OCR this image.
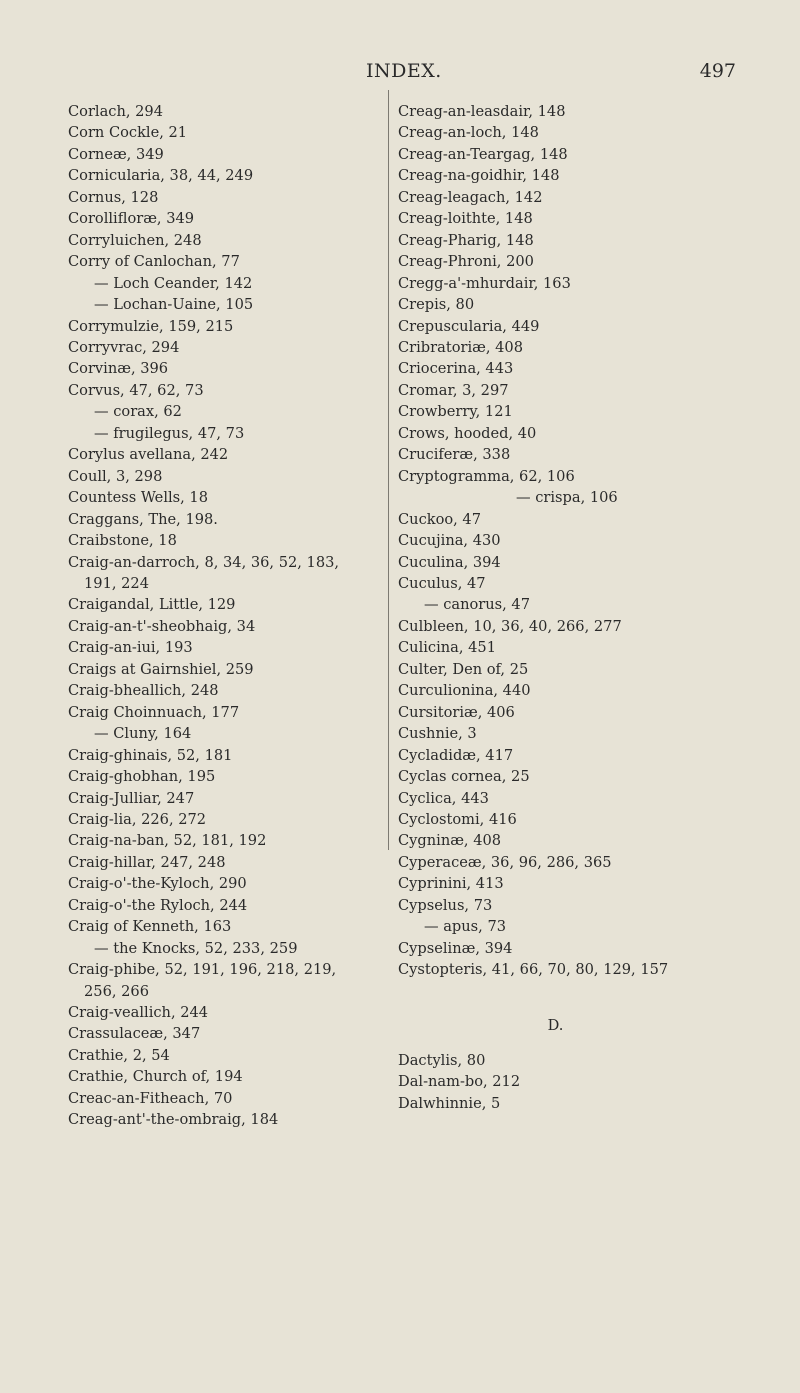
INDEX.	497
Corlach, 294
Corn Cockle, 21
Corneæ, 349
Cornicularia, 38, 44, 249
Cornus, 128
Corolliﬂoræ, 349
Corryluichen, 248
Corry of Canlochan, 77
— Loch Ceander, 142
— Lochan-Uaine, 105
Corrymulzie, 159, 215
Corryvrac, 294
Corvinæ, 396
Corvus, 47, 62, 73
— corax, 62
— frugilegus, 47, 73
Corylus avellana, 242
Coull, 3, 298
Countess Wells, 18
Craggans, The, 198.
Craibstone, 18
Craig-an-darroch, 8, 34, 36, 52, 183,
191, 224
Craigandal, Little, 129
Craig-an-t'-sheobhaig, 34
Craig-an-iui, 193
Craigs at Gairnshiel, 259
Craig-bheallich, 248
Craig Choinnuach, 177
— Cluny, 164
Craig-ghinais, 52, 181
Craig-ghobhan, 195
Craig-Julliar, 247
Craig-lia, 226, 272
Craig-na-ban, 52, 181, 192
Craig-hillar, 247, 248
Craig-o'-the-Kyloch, 290
Craig-o'-the Ryloch, 244
Craig of Kenneth, 163
— the Knocks, 52, 233, 259
Craig-phibe, 52, 191, 196, 218, 219,
256, 266
Craig-veallich, 244
Crassulaceæ, 347
Crathie, 2, 54
Crathie, Church of, 194
Creac-an-Fitheach, 70
Creag-ant'-the-ombraig, 184
Creag-an-leasdair, 148
Creag-an-loch, 148
Creag-an-Teargag, 148
Creag-na-goidhir, 148
Creag-leagach, 142
Creag-loithte, 148
Creag-Pharig, 148
Creag-Phroni, 200
Cregg-a'-mhurdair, 163
Crepis, 80
Crepuscularia, 449
Cribratoriæ, 408
Criocerina, 443
Cromar, 3, 297
Crowberry, 121
Crows, hooded, 40
Cruciferæ, 338
Cryptogramma, 62, 106
— crispa, 106
Cuckoo, 47
Cucujina, 430
Cuculina, 394
Cuculus, 47
— canorus, 47
Culbleen, 10, 36, 40, 266, 277
Culicina, 451
Culter, Den of, 25
Curculionina, 440
Cursitoriæ, 406
Cushnie, 3
Cycladidæ, 417
Cyclas cornea, 25
Cyclica, 443
Cyclostomi, 416
Cygninæ, 408
Cyperaceæ, 36, 96, 286, 365
Cyprinini, 413
Cypselus, 73
— apus, 73
Cypselinæ, 394
Cystopteris, 41, 66, 70, 80, 129, 157
D.
Dactylis, 80
Dal-nam-bo, 212
Dalwhinnie, 5
